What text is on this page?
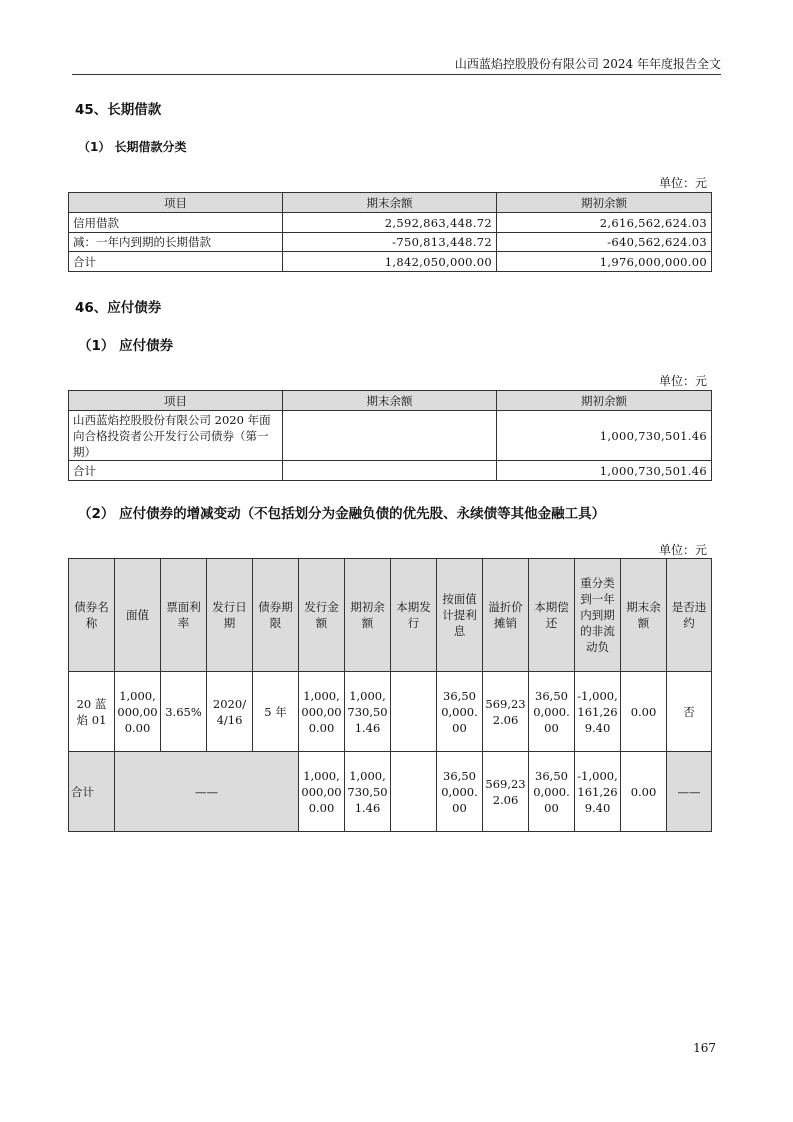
山西蓝焰控股股份有限公司 2024 年年度报告全文
45、长期借款
（1） 长期借款分类
单位：元
项目	期末余额	期初余额
信用借款	2,592,863,448.72	2,616,562,624.03
减：一年内到期的长期借款	-750,813,448.72	-640,562,624.03
合计	1,842,050,000.00	1,976,000,000.00
46、应付债券
（1） 应付债券
单位：元
项目	期末余额	期初余额
山西蓝焰控股股份有限公司 2020 年面向合格投资者公开发行公司债券（第一期）		1,000,730,501.46
合计		1,000,730,501.46
（2） 应付债券的增减变动（不包括划分为金融负债的优先股、永续债等其他金融工具）
单位：元
债券名称	面值	票面利率	发行日期	债券期限	发行金额	期初余额	本期发行	按面值计提利息	溢折价摊销	本期偿还	重分类到一年内到期的非流动负	期末余额	是否违约
20 蓝焰 01	1,000,000,000.00	3.65%	2020/4/16	5 年	1,000,000,000.00	1,000,730,501.46		36,500,000.00	569,232.06	36,500,000.00	-1,000,161,269.40	0.00	否
合计	——				1,000,000,000.00	1,000,730,501.46		36,500,000.00	569,232.06	36,500,000.00	-1,000,161,269.40	0.00	——
167
